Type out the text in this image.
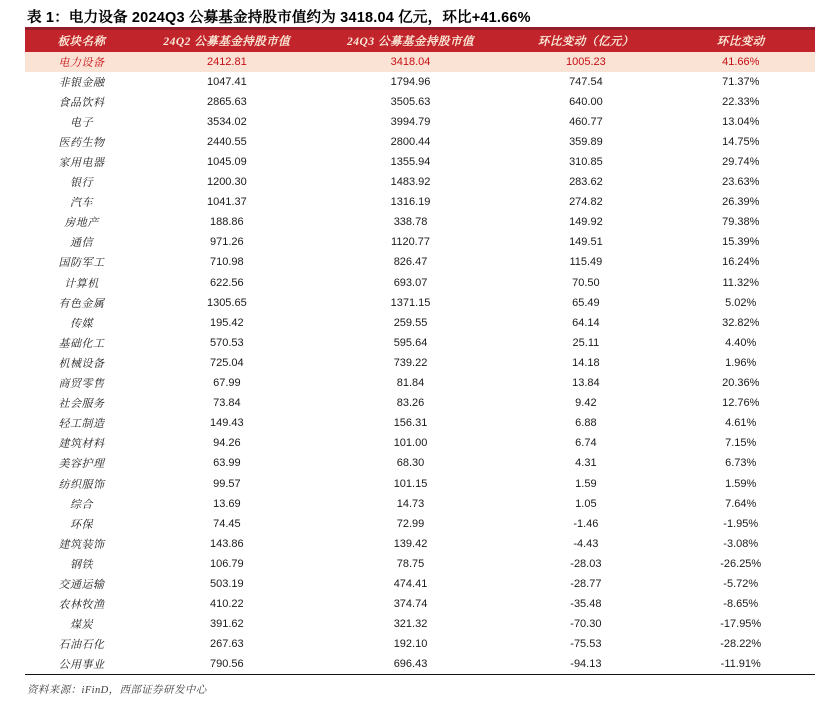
表 1：电力设备 2024Q3 公募基金持股市值约为 3418.04 亿元，环比+41.66%
板块名称	24Q2 公募基金持股市值	24Q3 公募基金持股市值	环比变动（亿元）	环比变动
电力设备	2412.81	3418.04	1005.23	41.66%
非银金融	1047.41	1794.96	747.54	71.37%
食品饮料	2865.63	3505.63	640.00	22.33%
电子	3534.02	3994.79	460.77	13.04%
医药生物	2440.55	2800.44	359.89	14.75%
家用电器	1045.09	1355.94	310.85	29.74%
银行	1200.30	1483.92	283.62	23.63%
汽车	1041.37	1316.19	274.82	26.39%
房地产	188.86	338.78	149.92	79.38%
通信	971.26	1120.77	149.51	15.39%
国防军工	710.98	826.47	115.49	16.24%
计算机	622.56	693.07	70.50	11.32%
有色金属	1305.65	1371.15	65.49	5.02%
传媒	195.42	259.55	64.14	32.82%
基础化工	570.53	595.64	25.11	4.40%
机械设备	725.04	739.22	14.18	1.96%
商贸零售	67.99	81.84	13.84	20.36%
社会服务	73.84	83.26	9.42	12.76%
轻工制造	149.43	156.31	6.88	4.61%
建筑材料	94.26	101.00	6.74	7.15%
美容护理	63.99	68.30	4.31	6.73%
纺织服饰	99.57	101.15	1.59	1.59%
综合	13.69	14.73	1.05	7.64%
环保	74.45	72.99	-1.46	-1.95%
建筑装饰	143.86	139.42	-4.43	-3.08%
钢铁	106.79	78.75	-28.03	-26.25%
交通运输	503.19	474.41	-28.77	-5.72%
农林牧渔	410.22	374.74	-35.48	-8.65%
煤炭	391.62	321.32	-70.30	-17.95%
石油石化	267.63	192.10	-75.53	-28.22%
公用事业	790.56	696.43	-94.13	-11.91%
资料来源：iFinD，西部证券研发中心
